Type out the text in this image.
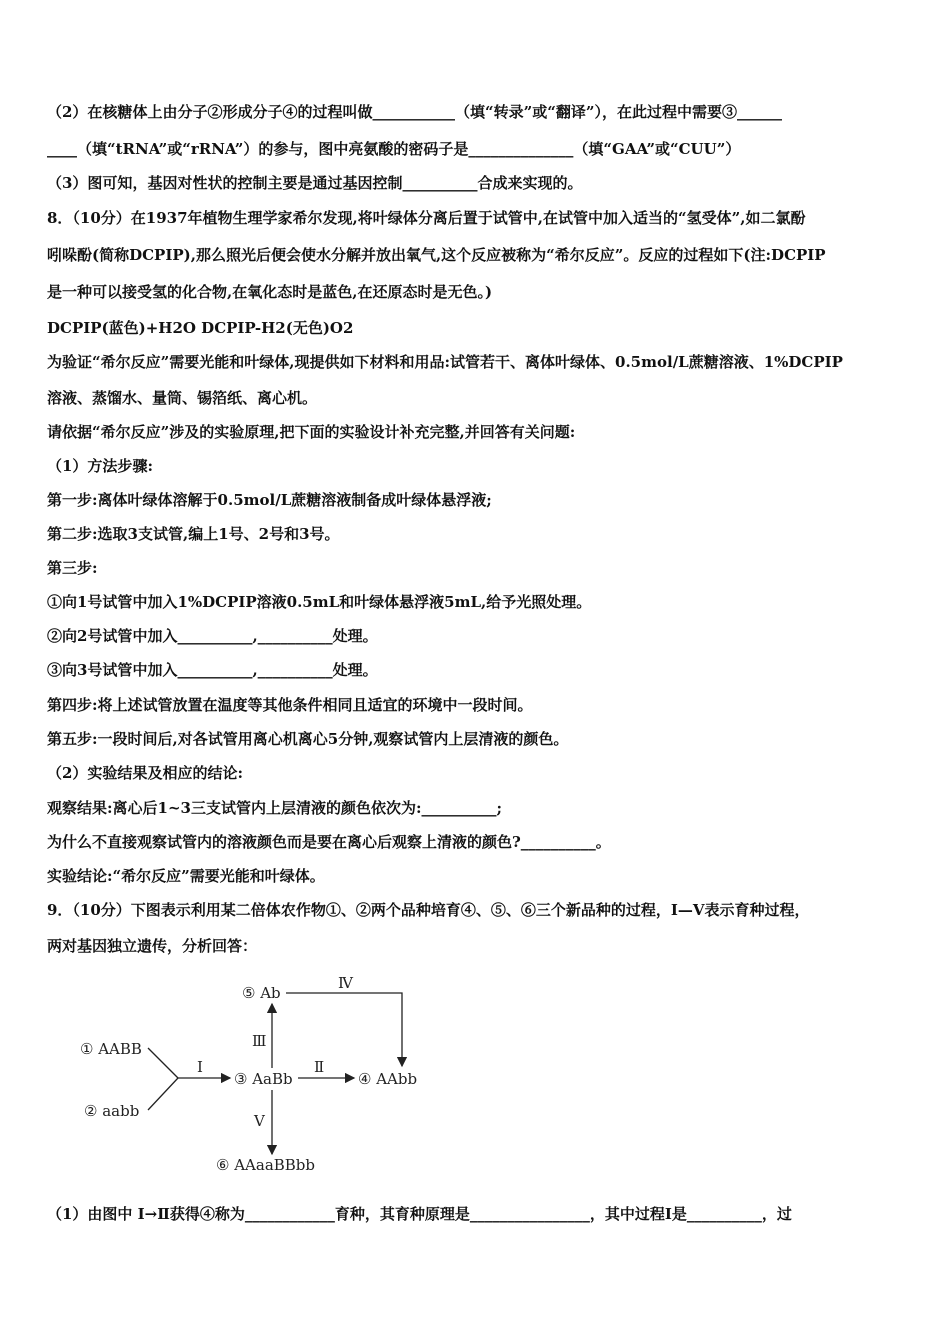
（2）在核糖体上由分子②形成分子④的过程叫做___________（填“转录”或“翻译”），在此过程中需要③______
____（填“tRNA”或“rRNA”）的参与，图中亮氨酸的密码子是______________（填“GAA”或“CUU”）
（3）图可知，基因对性状的控制主要是通过基因控制__________合成来实现的。
8．（10分）在1937年植物生理学家希尔发现,将叶绿体分离后置于试管中,在试管中加入适当的“氢受体”,如二氯酚
吲哚酚(简称DCPIP),那么照光后便会使水分解并放出氧气,这个反应被称为“希尔反应”。反应的过程如下(注:DCPIP
是一种可以接受氢的化合物,在氧化态时是蓝色,在还原态时是无色。)
DCPIP(蓝色)+H2O DCPIP-H2(无色)O2
为验证“希尔反应”需要光能和叶绿体,现提供如下材料和用品:试管若干、离体叶绿体、0.5mol/L蔗糖溶液、1%DCPIP
溶液、蒸馏水、量筒、锡箔纸、离心机。
请依据“希尔反应”涉及的实验原理,把下面的实验设计补充完整,并回答有关问题:
（1）方法步骤:
第一步:离体叶绿体溶解于0.5mol/L蔗糖溶液制备成叶绿体悬浮液;
第二步:选取3支试管,编上1号、2号和3号。
第三步:
①向1号试管中加入1%DCPIP溶液0.5mL和叶绿体悬浮液5mL,给予光照处理。
②向2号试管中加入__________,__________处理。
③向3号试管中加入__________,__________处理。
第四步:将上述试管放置在温度等其他条件相同且适宜的环境中一段时间。
第五步:一段时间后,对各试管用离心机离心5分钟,观察试管内上层清液的颜色。
（2）实验结果及相应的结论:
观察结果:离心后1~3三支试管内上层清液的颜色依次为:__________;
为什么不直接观察试管内的溶液颜色而是要在离心后观察上清液的颜色?__________。
实验结论:“希尔反应”需要光能和叶绿体。
9．（10分）下图表示利用某二倍体农作物①、②两个品种培育④、⑤、⑥三个新品种的过程，Ⅰ—Ⅴ表示育种过程，
两对基因独立遗传，分析回答：
① AABB
② aabb
③ AaBb	④ AAbb
⑤ Ab
⑥ AAaaBBbb
Ⅰ	Ⅱ
Ⅲ
Ⅳ
Ⅴ
（1）由图中 Ⅰ→Ⅱ获得④称为____________育种，其育种原理是________________，其中过程Ⅰ是__________，过
